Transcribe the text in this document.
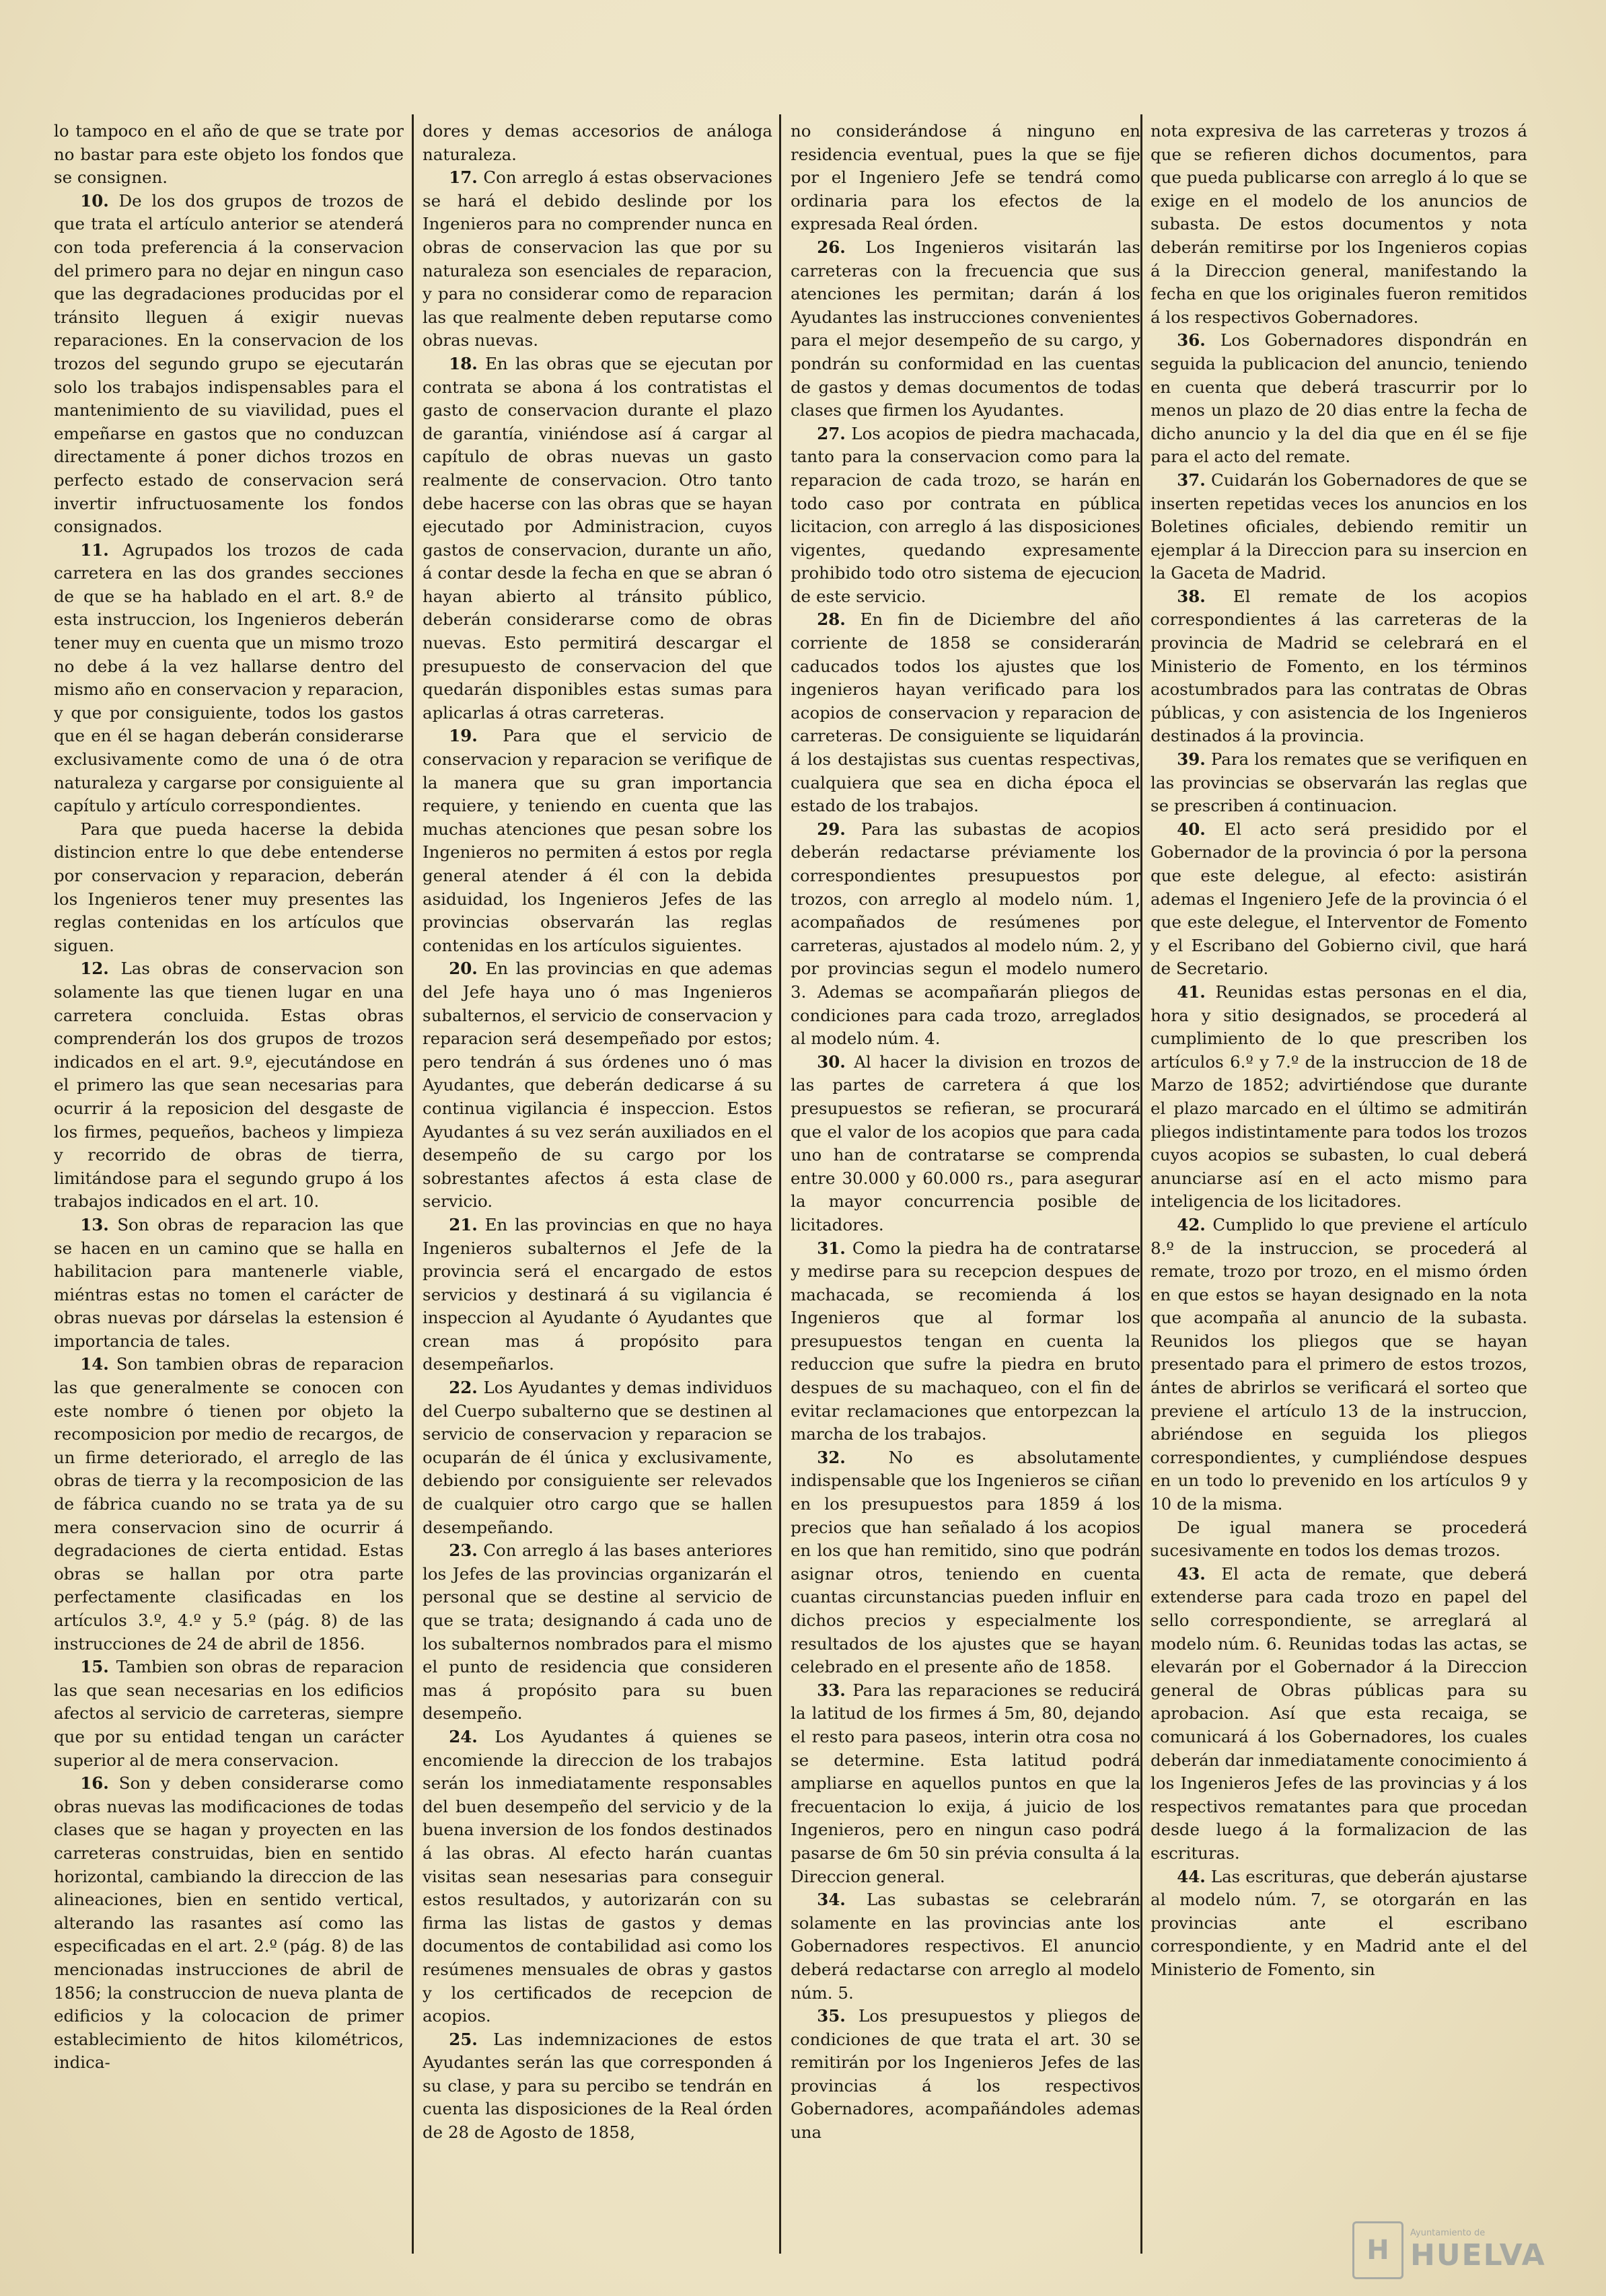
lo tampoco en el año de que se trate por no bastar para este objeto los fondos que se consignen.

10. De los dos grupos de trozos de que trata el artículo anterior se atenderá con toda preferencia á la conservacion del primero para no dejar en ningun caso que las degradaciones producidas por el tránsito lleguen á exigir nuevas reparaciones. En la conservacion de los trozos del segundo grupo se ejecutarán solo los trabajos indispensables para el mantenimiento de su viavilidad, pues el empeñarse en gastos que no conduzcan directamente á poner dichos trozos en perfecto estado de conservacion será invertir infructuosamente los fondos consignados.

11. Agrupados los trozos de cada carretera en las dos grandes secciones de que se ha hablado en el art. 8.º de esta instruccion, los Ingenieros deberán tener muy en cuenta que un mismo trozo no debe á la vez hallarse dentro del mismo año en conservacion y reparacion, y que por consiguiente, todos los gastos que en él se hagan deberán considerarse exclusivamente como de una ó de otra naturaleza y cargarse por consiguiente al capítulo y artículo correspondientes.

Para que pueda hacerse la debida distincion entre lo que debe entenderse por conservacion y reparacion, deberán los Ingenieros tener muy presentes las reglas contenidas en los artículos que siguen.

12. Las obras de conservacion son solamente las que tienen lugar en una carretera concluida. Estas obras comprenderán los dos grupos de trozos indicados en el art. 9.º, ejecutándose en el primero las que sean necesarias para ocurrir á la reposicion del desgaste de los firmes, pequeños, bacheos y limpieza y recorrido de obras de tierra, limitándose para el segundo grupo á los trabajos indicados en el art. 10.

13. Son obras de reparacion las que se hacen en un camino que se halla en habilitacion para mantenerle viable, miéntras estas no tomen el carácter de obras nuevas por dárselas la estension é importancia de tales.

14. Son tambien obras de reparacion las que generalmente se conocen con este nombre ó tienen por objeto la recomposicion por medio de recargos, de un firme deteriorado, el arreglo de las obras de tierra y la recomposicion de las de fábrica cuando no se trata ya de su mera conservacion sino de ocurrir á degradaciones de cierta entidad. Estas obras se hallan por otra parte perfectamente clasificadas en los artículos 3.º, 4.º y 5.º (pág. 8) de las instrucciones de 24 de abril de 1856.

15. Tambien son obras de reparacion las que sean necesarias en los edificios afectos al servicio de carreteras, siempre que por su entidad tengan un carácter superior al de mera conservacion.

16. Son y deben considerarse como obras nuevas las modificaciones de todas clases que se hagan y proyecten en las carreteras construidas, bien en sentido horizontal, cambiando la direccion de las alineaciones, bien en sentido vertical, alterando las rasantes así como las especificadas en el art. 2.º (pág. 8) de las mencionadas instrucciones de abril de 1856; la construccion de nueva planta de edificios y la colocacion de primer establecimiento de hitos kilométricos, indica-

dores y demas accesorios de análoga naturaleza.

17. Con arreglo á estas observaciones se hará el debido deslinde por los Ingenieros para no comprender nunca en obras de conservacion las que por su naturaleza son esenciales de reparacion, y para no considerar como de reparacion las que realmente deben reputarse como obras nuevas.

18. En las obras que se ejecutan por contrata se abona á los contratistas el gasto de conservacion durante el plazo de garantía, viniéndose así á cargar al capítulo de obras nuevas un gasto realmente de conservacion. Otro tanto debe hacerse con las obras que se hayan ejecutado por Administracion, cuyos gastos de conservacion, durante un año, á contar desde la fecha en que se abran ó hayan abierto al tránsito público, deberán considerarse como de obras nuevas. Esto permitirá descargar el presupuesto de conservacion del que quedarán disponibles estas sumas para aplicarlas á otras carreteras.

19. Para que el servicio de conservacion y reparacion se verifique de la manera que su gran importancia requiere, y teniendo en cuenta que las muchas atenciones que pesan sobre los Ingenieros no permiten á estos por regla general atender á él con la debida asiduidad, los Ingenieros Jefes de las provincias observarán las reglas contenidas en los artículos siguientes.

20. En las provincias en que ademas del Jefe haya uno ó mas Ingenieros subalternos, el servicio de conservacion y reparacion será desempeñado por estos; pero tendrán á sus órdenes uno ó mas Ayudantes, que deberán dedicarse á su continua vigilancia é inspeccion. Estos Ayudantes á su vez serán auxiliados en el desempeño de su cargo por los sobrestantes afectos á esta clase de servicio.

21. En las provincias en que no haya Ingenieros subalternos el Jefe de la provincia será el encargado de estos servicios y destinará á su vigilancia é inspeccion al Ayudante ó Ayudantes que crean mas á propósito para desempeñarlos.

22. Los Ayudantes y demas individuos del Cuerpo subalterno que se destinen al servicio de conservacion y reparacion se ocuparán de él única y exclusivamente, debiendo por consiguiente ser relevados de cualquier otro cargo que se hallen desempeñando.

23. Con arreglo á las bases anteriores los Jefes de las provincias organizarán el personal que se destine al servicio de que se trata; designando á cada uno de los subalternos nombrados para el mismo el punto de residencia que consideren mas á propósito para su buen desempeño.

24. Los Ayudantes á quienes se encomiende la direccion de los trabajos serán los inmediatamente responsables del buen desempeño del servicio y de la buena inversion de los fondos destinados á las obras. Al efecto harán cuantas visitas sean nesesarias para conseguir estos resultados, y autorizarán con su firma las listas de gastos y demas documentos de contabilidad asi como los resúmenes mensuales de obras y gastos y los certificados de recepcion de acopios.

25. Las indemnizaciones de estos Ayudantes serán las que corresponden á su clase, y para su percibo se tendrán en cuenta las disposiciones de la Real órden de 28 de Agosto de 1858,

no considerándose á ninguno en residencia eventual, pues la que se fije por el Ingeniero Jefe se tendrá como ordinaria para los efectos de la expresada Real órden.

26. Los Ingenieros visitarán las carreteras con la frecuencia que sus atenciones les permitan; darán á los Ayudantes las instrucciones convenientes para el mejor desempeño de su cargo, y pondrán su conformidad en las cuentas de gastos y demas documentos de todas clases que firmen los Ayudantes.

27. Los acopios de piedra machacada, tanto para la conservacion como para la reparacion de cada trozo, se harán en todo caso por contrata en pública licitacion, con arreglo á las disposiciones vigentes, quedando expresamente prohibido todo otro sistema de ejecucion de este servicio.

28. En fin de Diciembre del año corriente de 1858 se considerarán caducados todos los ajustes que los ingenieros hayan verificado para los acopios de conservacion y reparacion de carreteras. De consiguiente se liquidarán á los destajistas sus cuentas respectivas, cualquiera que sea en dicha época el estado de los trabajos.

29. Para las subastas de acopios deberán redactarse préviamente los correspondientes presupuestos por trozos, con arreglo al modelo núm. 1, acompañados de resúmenes por carreteras, ajustados al modelo núm. 2, y por provincias segun el modelo numero 3. Ademas se acompañarán pliegos de condiciones para cada trozo, arreglados al modelo núm. 4.

30. Al hacer la division en trozos de las partes de carretera á que los presupuestos se refieran, se procurará que el valor de los acopios que para cada uno han de contratarse se comprenda entre 30.000 y 60.000 rs., para asegurar la mayor concurrencia posible de licitadores.

31. Como la piedra ha de contratarse y medirse para su recepcion despues de machacada, se recomienda á los Ingenieros que al formar los presupuestos tengan en cuenta la reduccion que sufre la piedra en bruto despues de su machaqueo, con el fin de evitar reclamaciones que entorpezcan la marcha de los trabajos.

32.	No es absolutamente indispensable que los Ingenieros se ciñan en los presupuestos para 1859 á los precios que han señalado á los acopios en los que han remitido, sino que podrán asignar otros, teniendo en cuenta cuantas circunstancias pueden influir en dichos precios y especialmente los resultados de los ajustes que se hayan celebrado en el presente año de 1858.

33. Para las reparaciones se reducirá la latitud de los firmes á 5m, 80, dejando el resto para paseos, interin otra cosa no se determine. Esta latitud podrá ampliarse en aquellos puntos en que la frecuentacion lo exija, á juicio de los Ingenieros, pero en ningun caso podrá pasarse de 6m 50 sin prévia consulta á la Direccion general.

34. Las subastas se celebrarán solamente en las provincias ante los Gobernadores respectivos. El anuncio deberá redactarse con arreglo al modelo núm. 5.

35. Los presupuestos y pliegos de condiciones de que trata el art. 30 se remitirán por los Ingenieros Jefes de las provincias á los respectivos Gobernadores, acompañándoles ademas una

nota expresiva de las carreteras y trozos á que se refieren dichos documentos, para que pueda publicarse con arreglo á lo que se exige en el modelo de los anuncios de subasta. De estos documentos y nota deberán remitirse por los Ingenieros copias á la Direccion general, manifestando la fecha en que los originales fueron remitidos á los respectivos Gobernadores.

36. Los Gobernadores dispondrán en seguida la publicacion del anuncio, teniendo en cuenta que deberá trascurrir por lo menos un plazo de 20 dias entre la fecha de dicho anuncio y la del dia que en él se fije para el acto del remate.

37. Cuidarán los Gobernadores de que se inserten repetidas veces los anuncios en los Boletines oficiales, debiendo remitir un ejemplar á la Direccion para su insercion en la Gaceta de Madrid.

38. El remate de los acopios correspondientes á las carreteras de la provincia de Madrid se celebrará en el Ministerio de Fomento, en los términos acostumbrados para las contratas de Obras públicas, y con asistencia de los Ingenieros destinados á la provincia.

39. Para los remates que se verifiquen en las provincias se observarán las reglas que se prescriben á continuacion.

40. El acto será presidido por el Gobernador de la provincia ó por la persona que este delegue, al efecto: asistirán ademas el Ingeniero Jefe de la provincia ó el que este delegue, el Interventor de Fomento y el Escribano del Gobierno civil, que hará de Secretario.

41. Reunidas estas personas en el dia, hora y sitio designados, se procederá al cumplimiento de lo que prescriben los artículos 6.º y 7.º de la instruccion de 18 de Marzo de 1852; advirtiéndose que durante el plazo marcado en el último se admitirán pliegos indistintamente para todos los trozos cuyos acopios se subasten, lo cual deberá anunciarse así en el acto mismo para inteligencia de los licitadores.

42. Cumplido lo que previene el artículo 8.º de la instruccion, se procederá al remate, trozo por trozo, en el mismo órden en que estos se hayan designado en la nota que acompaña al anuncio de la subasta. Reunidos los pliegos que se hayan presentado para el primero de estos trozos, ántes de abrirlos se verificará el sorteo que previene el artículo 13 de la instruccion, abriéndose en seguida los pliegos correspondientes, y cumpliéndose despues en un todo lo prevenido en los artículos 9 y 10 de la misma.

De igual manera se procederá sucesivamente en todos los demas trozos.

43. El acta de remate, que deberá extenderse para cada trozo en papel del sello correspondiente, se arreglará al modelo núm. 6. Reunidas todas las actas, se elevarán por el Gobernador á la Direccion general de Obras públicas para su aprobacion. Así que esta recaiga, se comunicará á los Gobernadores, los cuales deberán dar inmediatamente conocimiento á los Ingenieros Jefes de las provincias y á los respectivos rematantes para que procedan desde luego á la formalizacion de las escrituras.

44. Las escrituras, que deberán ajustarse al modelo núm. 7, se otorgarán en las provincias ante el escribano correspondiente, y en Madrid ante el del Ministerio de Fomento, sin

H
Ayuntamiento de
HUELVA
